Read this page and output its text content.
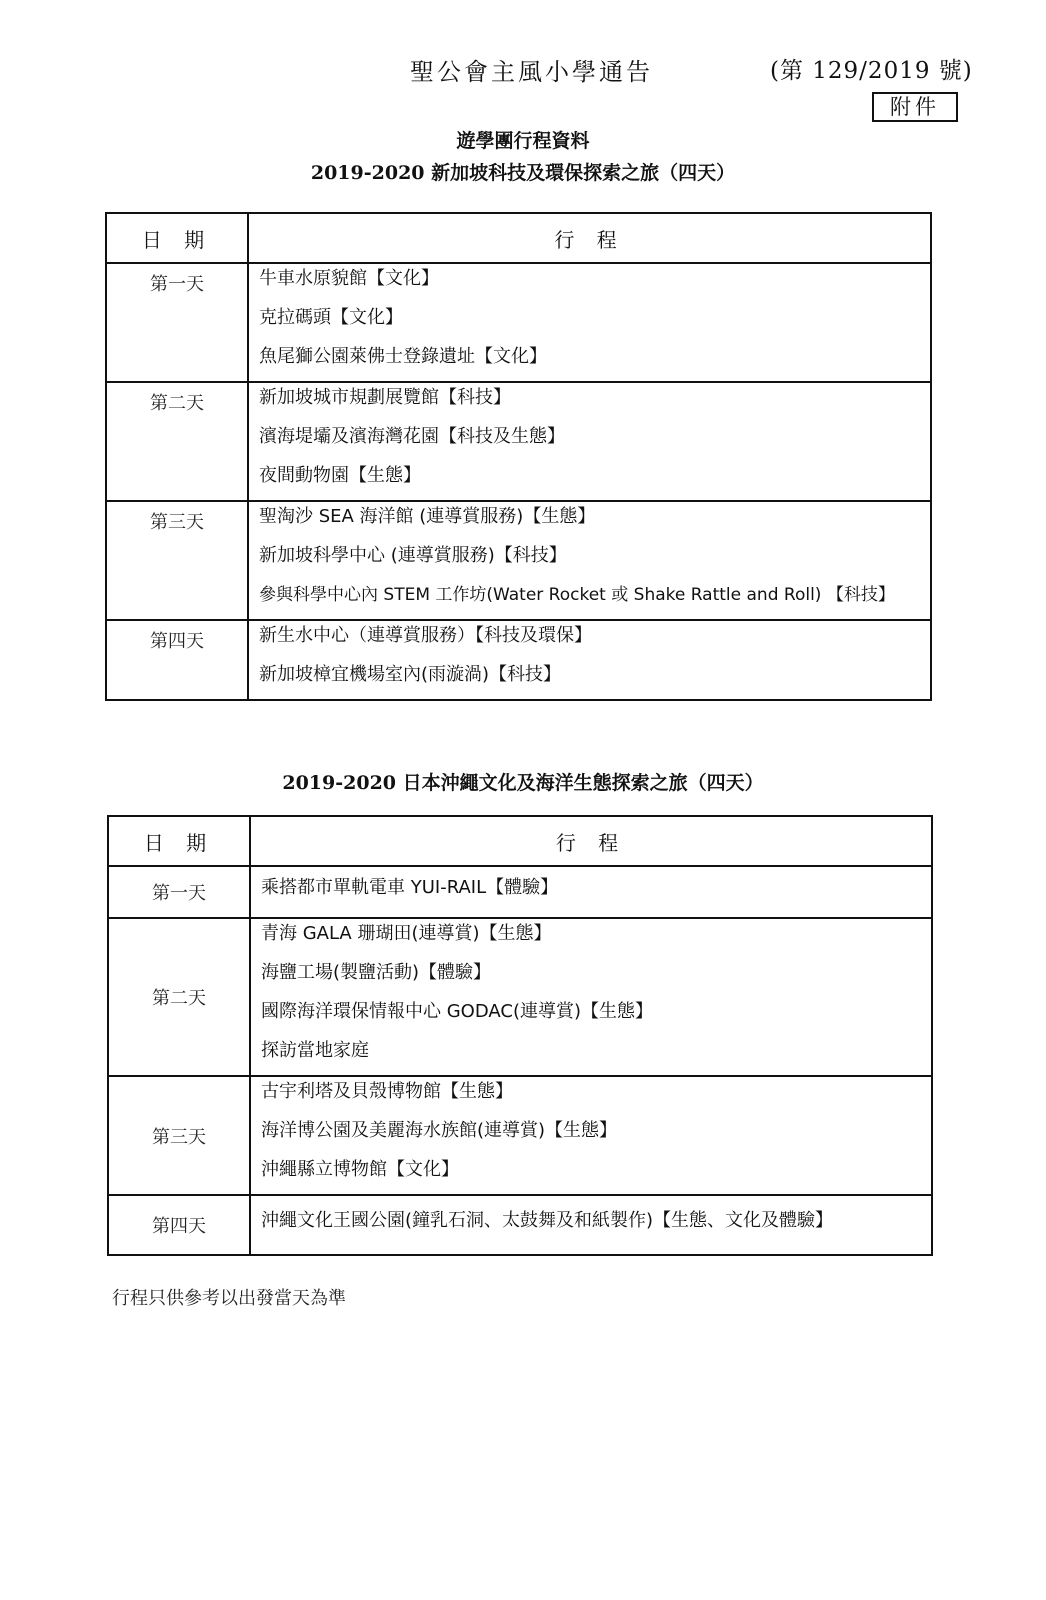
聖公會主風小學通告	(第 129/2019 號)
附件
遊學團行程資料
2019-2020 新加坡科技及環保探索之旅（四天）
日 期	行 程
第一天	牛車水原貌館【文化】
克拉碼頭【文化】
魚尾獅公園萊佛士登錄遺址【文化】

第二天	新加坡城市規劃展覽館【科技】
濱海堤壩及濱海灣花園【科技及生態】
夜間動物園【生態】

第三天	聖淘沙 SEA 海洋館 (連導賞服務)【生態】
新加坡科學中心 (連導賞服務)【科技】
參與科學中心內 STEM 工作坊(Water Rocket 或 Shake Rattle and Roll) 【科技】

第四天	新生水中心（連導賞服務）【科技及環保】
新加坡樟宜機場室內(雨漩渦)【科技】
2019-2020 日本沖繩文化及海洋生態探索之旅（四天）
日 期	行 程
第一天	乘搭都市單軌電車 YUI-RAIL【體驗】

第二天	青海 GALA 珊瑚田(連導賞)【生態】
海鹽工場(製鹽活動)【體驗】
國際海洋環保情報中心 GODAC(連導賞)【生態】
探訪當地家庭

第三天	古宇利塔及貝殼博物館【生態】
海洋博公園及美麗海水族館(連導賞)【生態】
沖繩縣立博物館【文化】

第四天	沖繩文化王國公園(鐘乳石洞、太鼓舞及和紙製作)【生態、文化及體驗】
行程只供參考以出發當天為準
